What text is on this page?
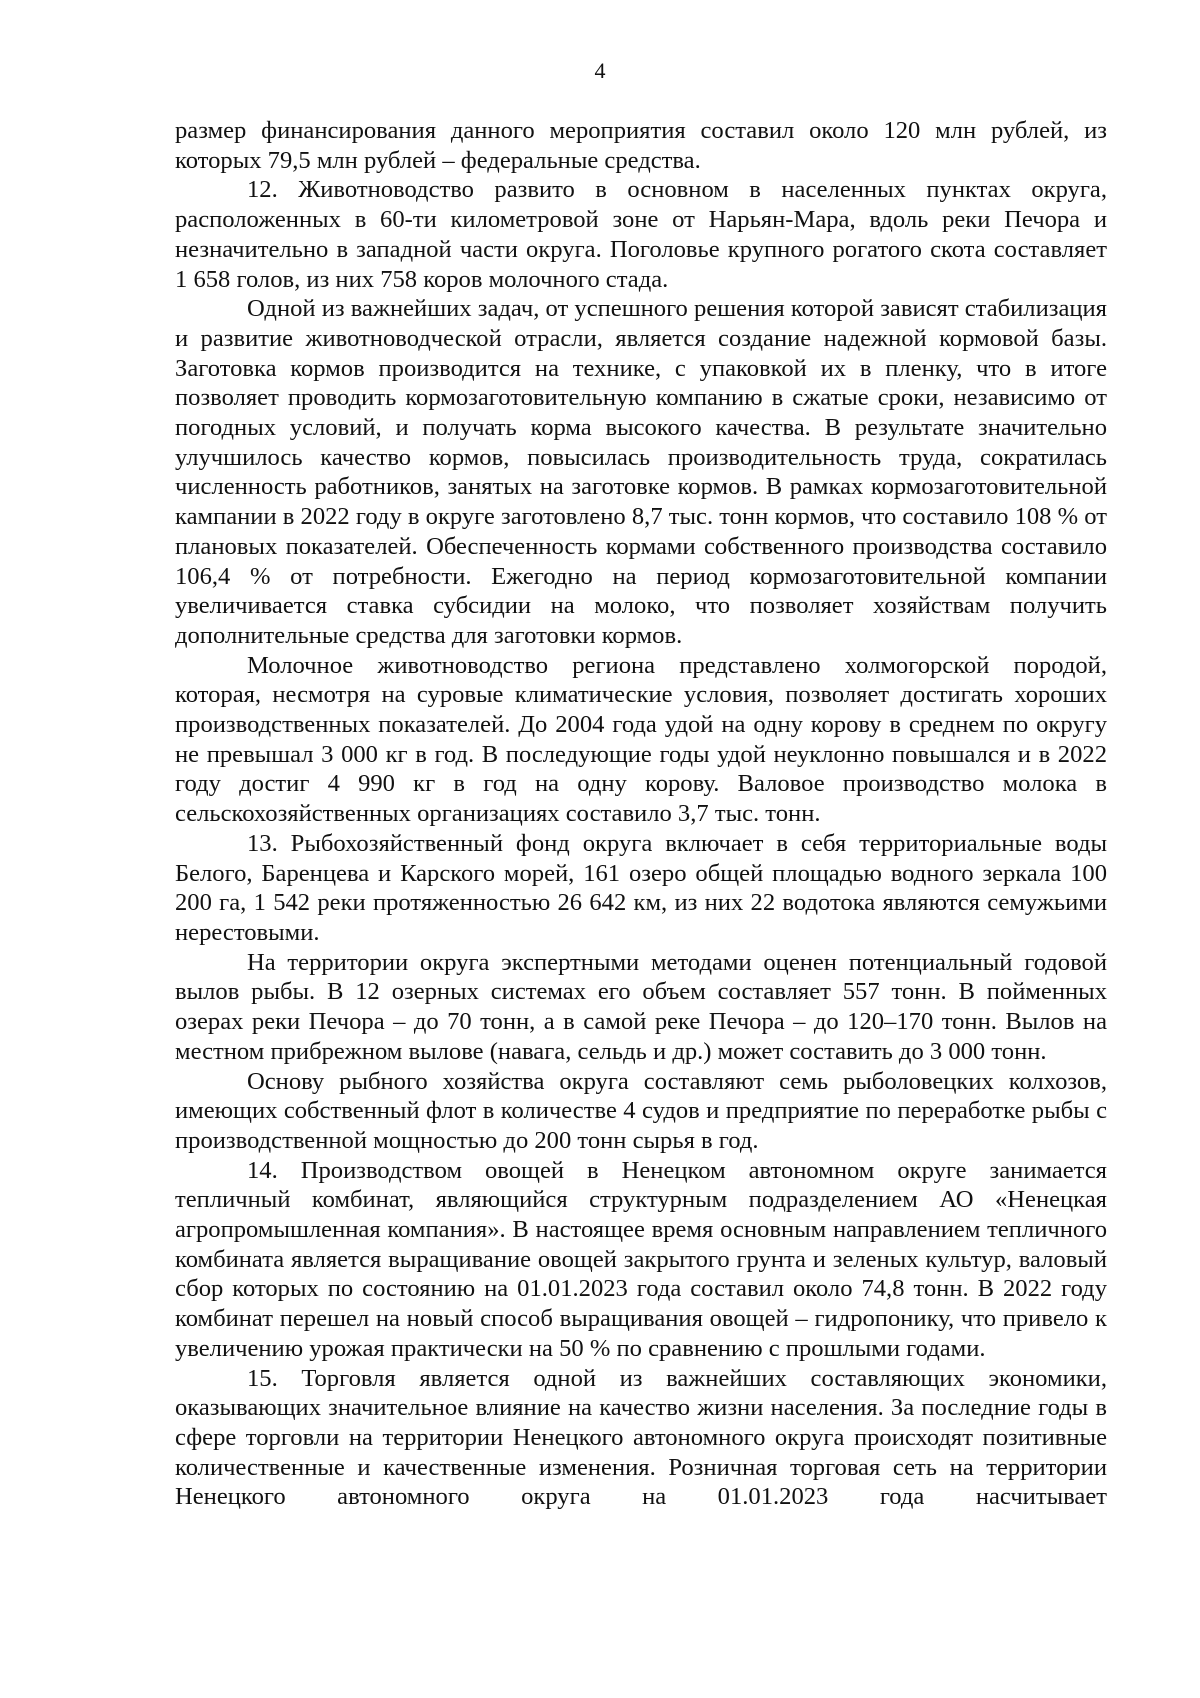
4

размер финансирования данного мероприятия составил около 120 млн рублей, из которых 79,5 млн рублей – федеральные средства.

12. Животноводство развито в основном в населенных пунктах округа, расположенных в 60-ти километровой зоне от Нарьян-Мара, вдоль реки Печора и незначительно в западной части округа. Поголовье крупного рогатого скота составляет 1 658 голов, из них 758 коров молочного стада.

Одной из важнейших задач, от успешного решения которой зависят стабилизация и развитие животноводческой отрасли, является создание надежной кормовой базы. Заготовка кормов производится на технике, с упаковкой их в пленку, что в итоге позволяет проводить кормозаготовительную компанию в сжатые сроки, независимо от погодных условий, и получать корма высокого качества. В результате значительно улучшилось качество кормов, повысилась производительность труда, сократилась численность работников, занятых на заготовке кормов. В рамках кормозаготовительной кампании в 2022 году в округе заготовлено 8,7 тыс. тонн кормов, что составило 108 % от плановых показателей. Обеспеченность кормами собственного производства составило 106,4 % от потребности. Ежегодно на период кормозаготовительной компании увеличивается ставка субсидии на молоко, что позволяет хозяйствам получить дополнительные средства для заготовки кормов.

Молочное животноводство региона представлено холмогорской породой, которая, несмотря на суровые климатические условия, позволяет достигать хороших производственных показателей. До 2004 года удой на одну корову в среднем по округу не превышал 3 000 кг в год. В последующие годы удой неуклонно повышался и в 2022 году достиг 4 990 кг в год на одну корову. Валовое производство молока в сельскохозяйственных организациях составило 3,7 тыс. тонн.

13. Рыбохозяйственный фонд округа включает в себя территориальные воды Белого, Баренцева и Карского морей, 161 озеро общей площадью водного зеркала 100 200 га, 1 542 реки протяженностью 26 642 км, из них 22 водотока являются семужьими нерестовыми.

На территории округа экспертными методами оценен потенциальный годовой вылов рыбы. В 12 озерных системах его объем составляет 557 тонн. В пойменных озерах реки Печора – до 70 тонн, а в самой реке Печора – до 120–170 тонн. Вылов на местном прибрежном вылове (навага, сельдь и др.) может составить до 3 000 тонн.

Основу рыбного хозяйства округа составляют семь рыболовецких колхозов, имеющих собственный флот в количестве 4 судов и предприятие по переработке рыбы с производственной мощностью до 200 тонн сырья в год.

14. Производством овощей в Ненецком автономном округе занимается тепличный комбинат, являющийся структурным подразделением АО «Ненецкая агропромышленная компания». В настоящее время основным направлением тепличного комбината является выращивание овощей закрытого грунта и зеленых культур, валовый сбор которых по состоянию на 01.01.2023 года составил около 74,8 тонн. В 2022 году комбинат перешел на новый способ выращивания овощей – гидропонику, что привело к увеличению урожая практически на 50 % по сравнению с прошлыми годами.

15. Торговля является одной из важнейших составляющих экономики, оказывающих значительное влияние на качество жизни населения. За последние годы в сфере торговли на территории Ненецкого автономного округа происходят позитивные количественные и качественные изменения. Розничная торговая сеть на территории Ненецкого автономного округа на 01.01.2023 года насчитывает
